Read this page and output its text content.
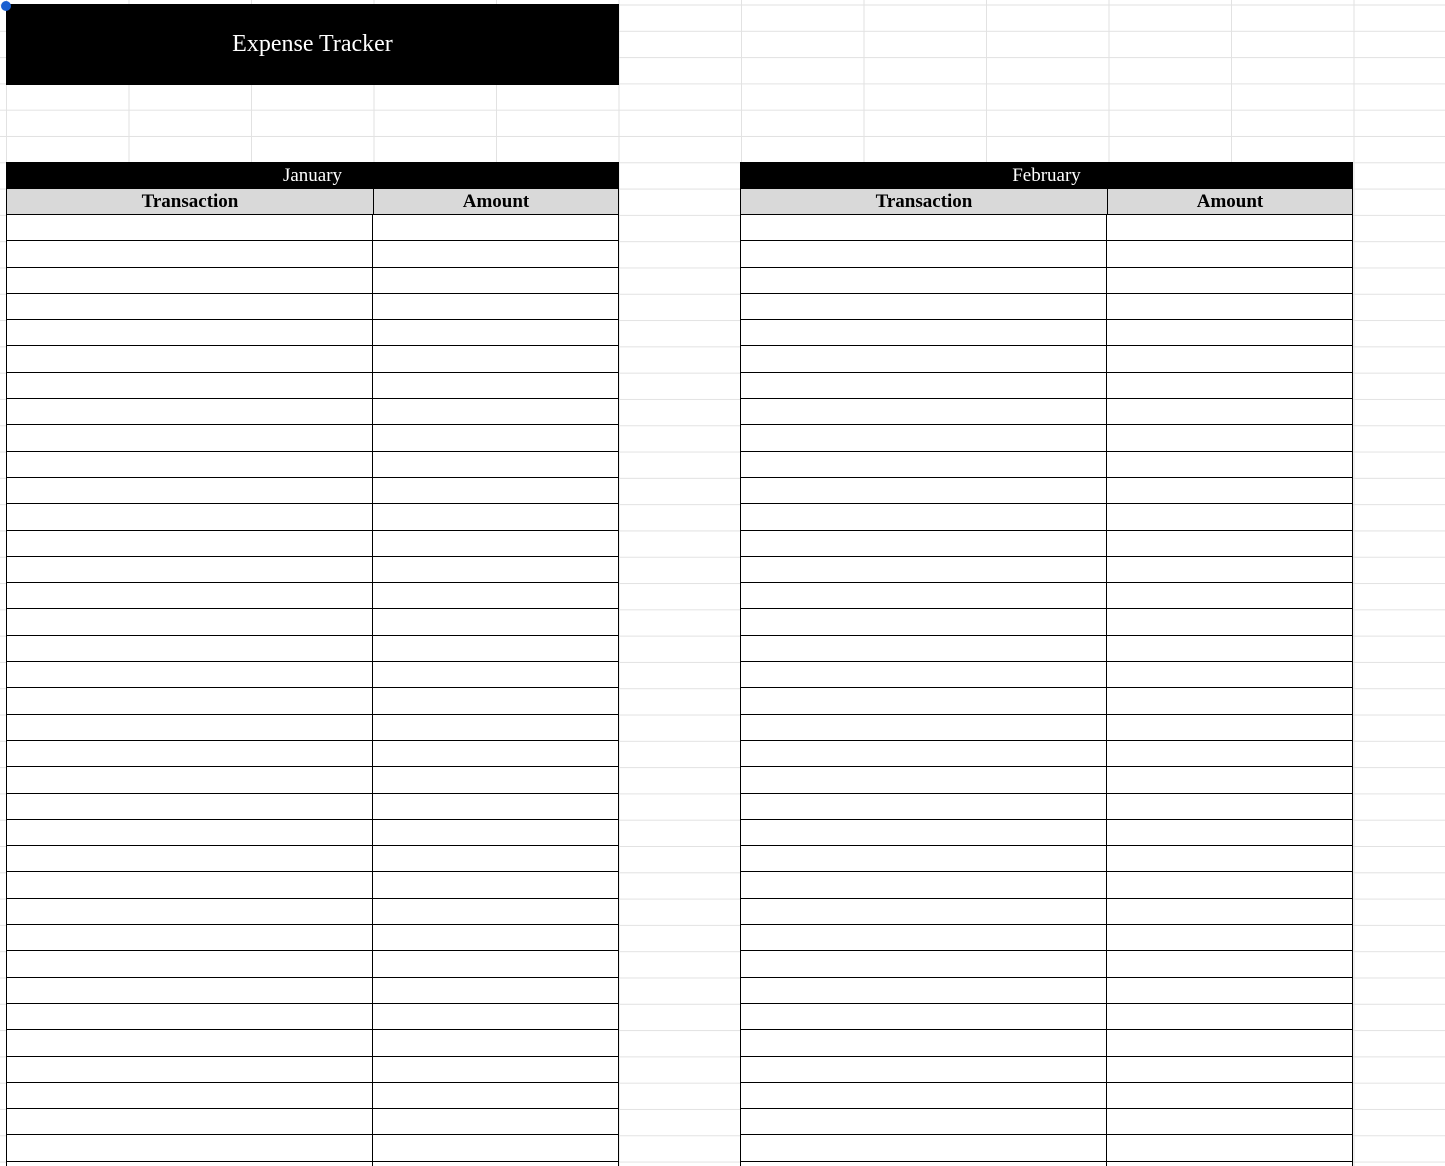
Expense Tracker
January
Transaction	Amount
February
Transaction	Amount
